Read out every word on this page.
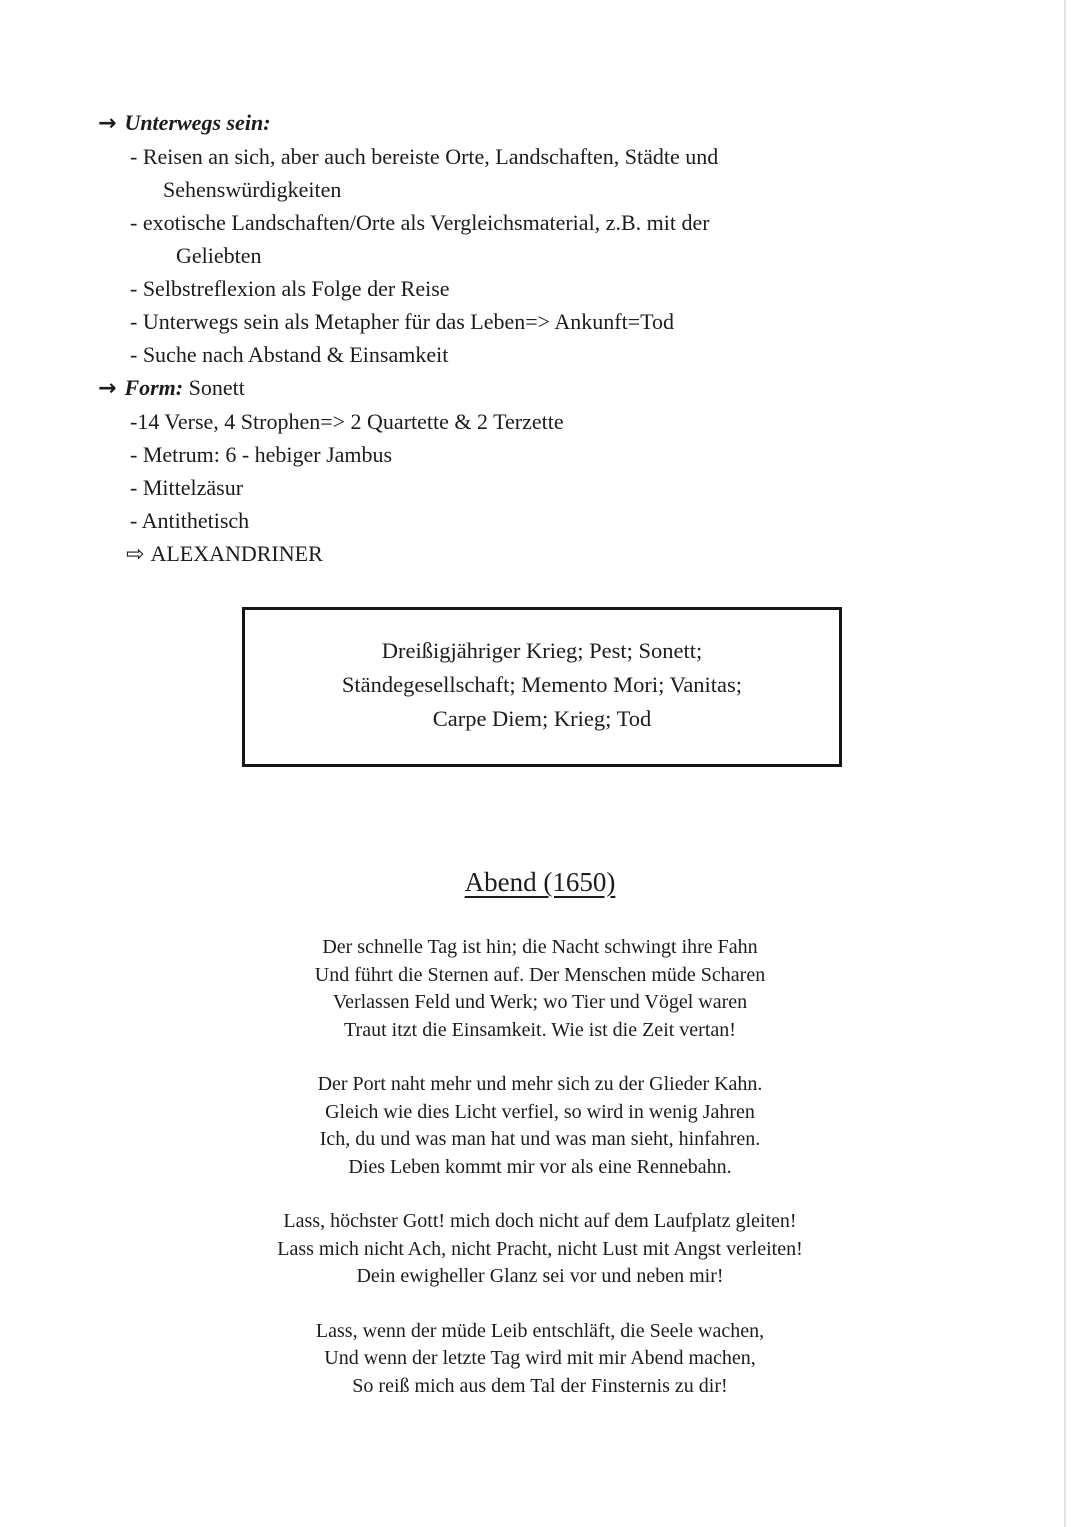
→ Unterwegs sein:
- Reisen an sich, aber auch bereiste Orte, Landschaften, Städte und
Sehenswürdigkeiten
- exotische Landschaften/Orte als Vergleichsmaterial, z.B. mit der
Geliebten
- Selbstreflexion als Folge der Reise
- Unterwegs sein als Metapher für das Leben=> Ankunft=Tod
- Suche nach Abstand & Einsamkeit
→ Form: Sonett
-14 Verse, 4 Strophen=> 2 Quartette & 2 Terzette
- Metrum: 6 - hebiger Jambus
- Mittelzäsur
- Antithetisch
⇨ ALEXANDRINER
Dreißigjähriger Krieg; Pest; Sonett;
Ständegesellschaft; Memento Mori; Vanitas;
Carpe Diem; Krieg; Tod
Abend (1650)
Der schnelle Tag ist hin; die Nacht schwingt ihre Fahn
Und führt die Sternen auf. Der Menschen müde Scharen
Verlassen Feld und Werk; wo Tier und Vögel waren
Traut itzt die Einsamkeit. Wie ist die Zeit vertan!
Der Port naht mehr und mehr sich zu der Glieder Kahn.
Gleich wie dies Licht verfiel, so wird in wenig Jahren
Ich, du und was man hat und was man sieht, hinfahren.
Dies Leben kommt mir vor als eine Rennebahn.
Lass, höchster Gott! mich doch nicht auf dem Laufplatz gleiten!
Lass mich nicht Ach, nicht Pracht, nicht Lust mit Angst verleiten!
Dein ewigheller Glanz sei vor und neben mir!
Lass, wenn der müde Leib entschläft, die Seele wachen,
Und wenn der letzte Tag wird mit mir Abend machen,
So reiß mich aus dem Tal der Finsternis zu dir!
